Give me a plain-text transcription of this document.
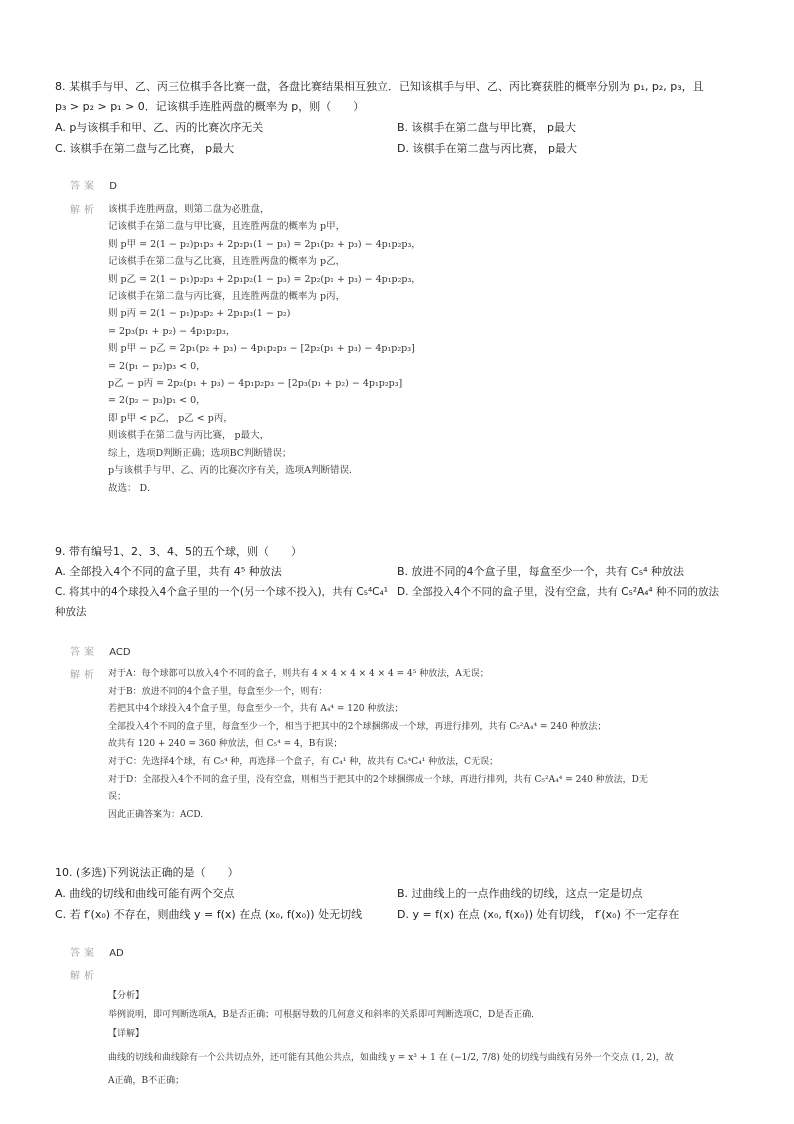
8. 某棋手与甲、乙、丙三位棋手各比赛一盘，各盘比赛结果相互独立．已知该棋手与甲、乙、丙比赛获胜的概率分别为 p₁, p₂, p₃，且
p₃ > p₂ > p₁ > 0．记该棋手连胜两盘的概率为 p，则（　　）
A. p与该棋手和甲、乙、丙的比赛次序无关	B. 该棋手在第二盘与甲比赛， p最大
C. 该棋手在第二盘与乙比赛， p最大	D. 该棋手在第二盘与丙比赛， p最大
答案 D
解析 该棋手连胜两盘，则第二盘为必胜盘，
记该棋手在第二盘与甲比赛，且连胜两盘的概率为 p甲，
则 p甲 = 2(1 − p₂)p₁p₃ + 2p₂p₁(1 − p₃) = 2p₁(p₂ + p₃) − 4p₁p₂p₃，
记该棋手在第二盘与乙比赛，且连胜两盘的概率为 p乙，
则 p乙 = 2(1 − p₁)p₂p₃ + 2p₁p₂(1 − p₃) = 2p₂(p₁ + p₃) − 4p₁p₂p₃，
记该棋手在第二盘与丙比赛，且连胜两盘的概率为 p丙，
则 p丙 = 2(1 − p₁)p₃p₂ + 2p₁p₃(1 − p₂)
= 2p₃(p₁ + p₂) − 4p₁p₂p₃，
则 p甲 − p乙 = 2p₁(p₂ + p₃) − 4p₁p₂p₃ − [2p₂(p₁ + p₃) − 4p₁p₂p₃]
= 2(p₁ − p₂)p₃ < 0，
p乙 − p丙 = 2p₂(p₁ + p₃) − 4p₁p₂p₃ − [2p₃(p₁ + p₂) − 4p₁p₂p₃]
= 2(p₂ − p₃)p₁ < 0，
即 p甲 < p乙， p乙 < p丙，
则该棋手在第二盘与丙比赛， p最大，
综上，选项D判断正确；选项BC判断错误；
p与该棋手与甲、乙、丙的比赛次序有关，选项A判断错误．
故选： D．
9. 带有编号1、2、3、4、5的五个球，则（　　）
A. 全部投入4个不同的盒子里，共有 4⁵ 种放法	B. 放进不同的4个盒子里，每盒至少一个，共有 C₅⁴ 种放法
C. 将其中的4个球投入4个盒子里的一个(另一个球不投入)，共有 C₅⁴C₄¹ 种放法
D. 全部投入4个不同的盒子里，没有空盒，共有 C₅²A₄⁴ 种不同的放法
答案 ACD
解析 对于A：每个球都可以放入4个不同的盒子，则共有 4 × 4 × 4 × 4 × 4 = 4⁵ 种放法，A无误；
对于B：放进不同的4个盒子里，每盒至少一个，则有：
若把其中4个球投入4个盒子里，每盒至少一个，共有 A₄⁴ = 120 种放法；
全部投入4个不同的盒子里，每盒至少一个，相当于把其中的2个球捆绑成一个球，再进行排列，共有 C₅²A₄⁴ = 240 种放法；
故共有 120 + 240 = 360 种放法，但 C₅⁴ = 4，B有误；
对于C：先选择4个球，有 C₅⁴ 种，再选择一个盒子，有 C₄¹ 种，故共有 C₅⁴C₄¹ 种放法，C无误；
对于D：全部投入4个不同的盒子里，没有空盒，则相当于把其中的2个球捆绑成一个球，再进行排列，共有 C₅²A₄⁴ = 240 种放法，D无
误；
因此正确答案为：ACD.
10. (多选)下列说法正确的是（　　）
A. 曲线的切线和曲线可能有两个交点	B. 过曲线上的一点作曲线的切线，这点一定是切点
C. 若 f′(x₀) 不存在，则曲线 y = f(x) 在点 (x₀, f(x₀)) 处无切线	D. y = f(x) 在点 (x₀, f(x₀)) 处有切线， f′(x₀) 不一定存在
答案 AD
解析
【分析】
举例说明，即可判断选项A，B是否正确；可根据导数的几何意义和斜率的关系即可判断选项C，D是否正确．
【详解】
曲线的切线和曲线除有一个公共切点外，还可能有其他公共点，如曲线 y = x³ + 1 在 (−1/2, 7/8) 处的切线与曲线有另外一个交点 (1, 2)，故
A正确，B不正确；
